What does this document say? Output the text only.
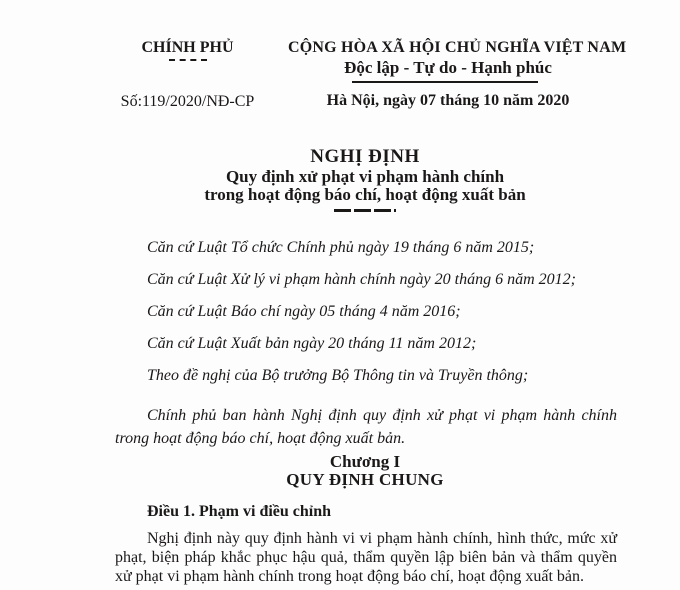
CHÍNH PHỦ
Số:119/2020/NĐ-CP
CỘNG HÒA XÃ HỘI CHỦ NGHĨA VIỆT NAM
Độc lập - Tự do - Hạnh phúc
Hà Nội, ngày 07 tháng 10 năm 2020
NGHỊ ĐỊNH
Quy định xử phạt vi phạm hành chính
trong hoạt động báo chí, hoạt động xuất bản
Căn cứ Luật Tổ chức Chính phủ ngày 19 tháng 6 năm 2015;
Căn cứ Luật Xử lý vi phạm hành chính ngày 20 tháng 6 năm 2012;
Căn cứ Luật Báo chí ngày 05 tháng 4 năm 2016;
Căn cứ Luật Xuất bản ngày 20 tháng 11 năm 2012;
Theo đề nghị của Bộ trưởng Bộ Thông tin và Truyền thông;

Chính phủ ban hành Nghị định quy định xử phạt vi phạm hành chính trong hoạt động báo chí, hoạt động xuất bản.

Chương I
QUY ĐỊNH CHUNG
Điều 1. Phạm vi điều chỉnh

Nghị định này quy định hành vi vi phạm hành chính, hình thức, mức xử phạt, biện pháp khắc phục hậu quả, thẩm quyền lập biên bản và thẩm quyền xử phạt vi phạm hành chính trong hoạt động báo chí, hoạt động xuất bản.
